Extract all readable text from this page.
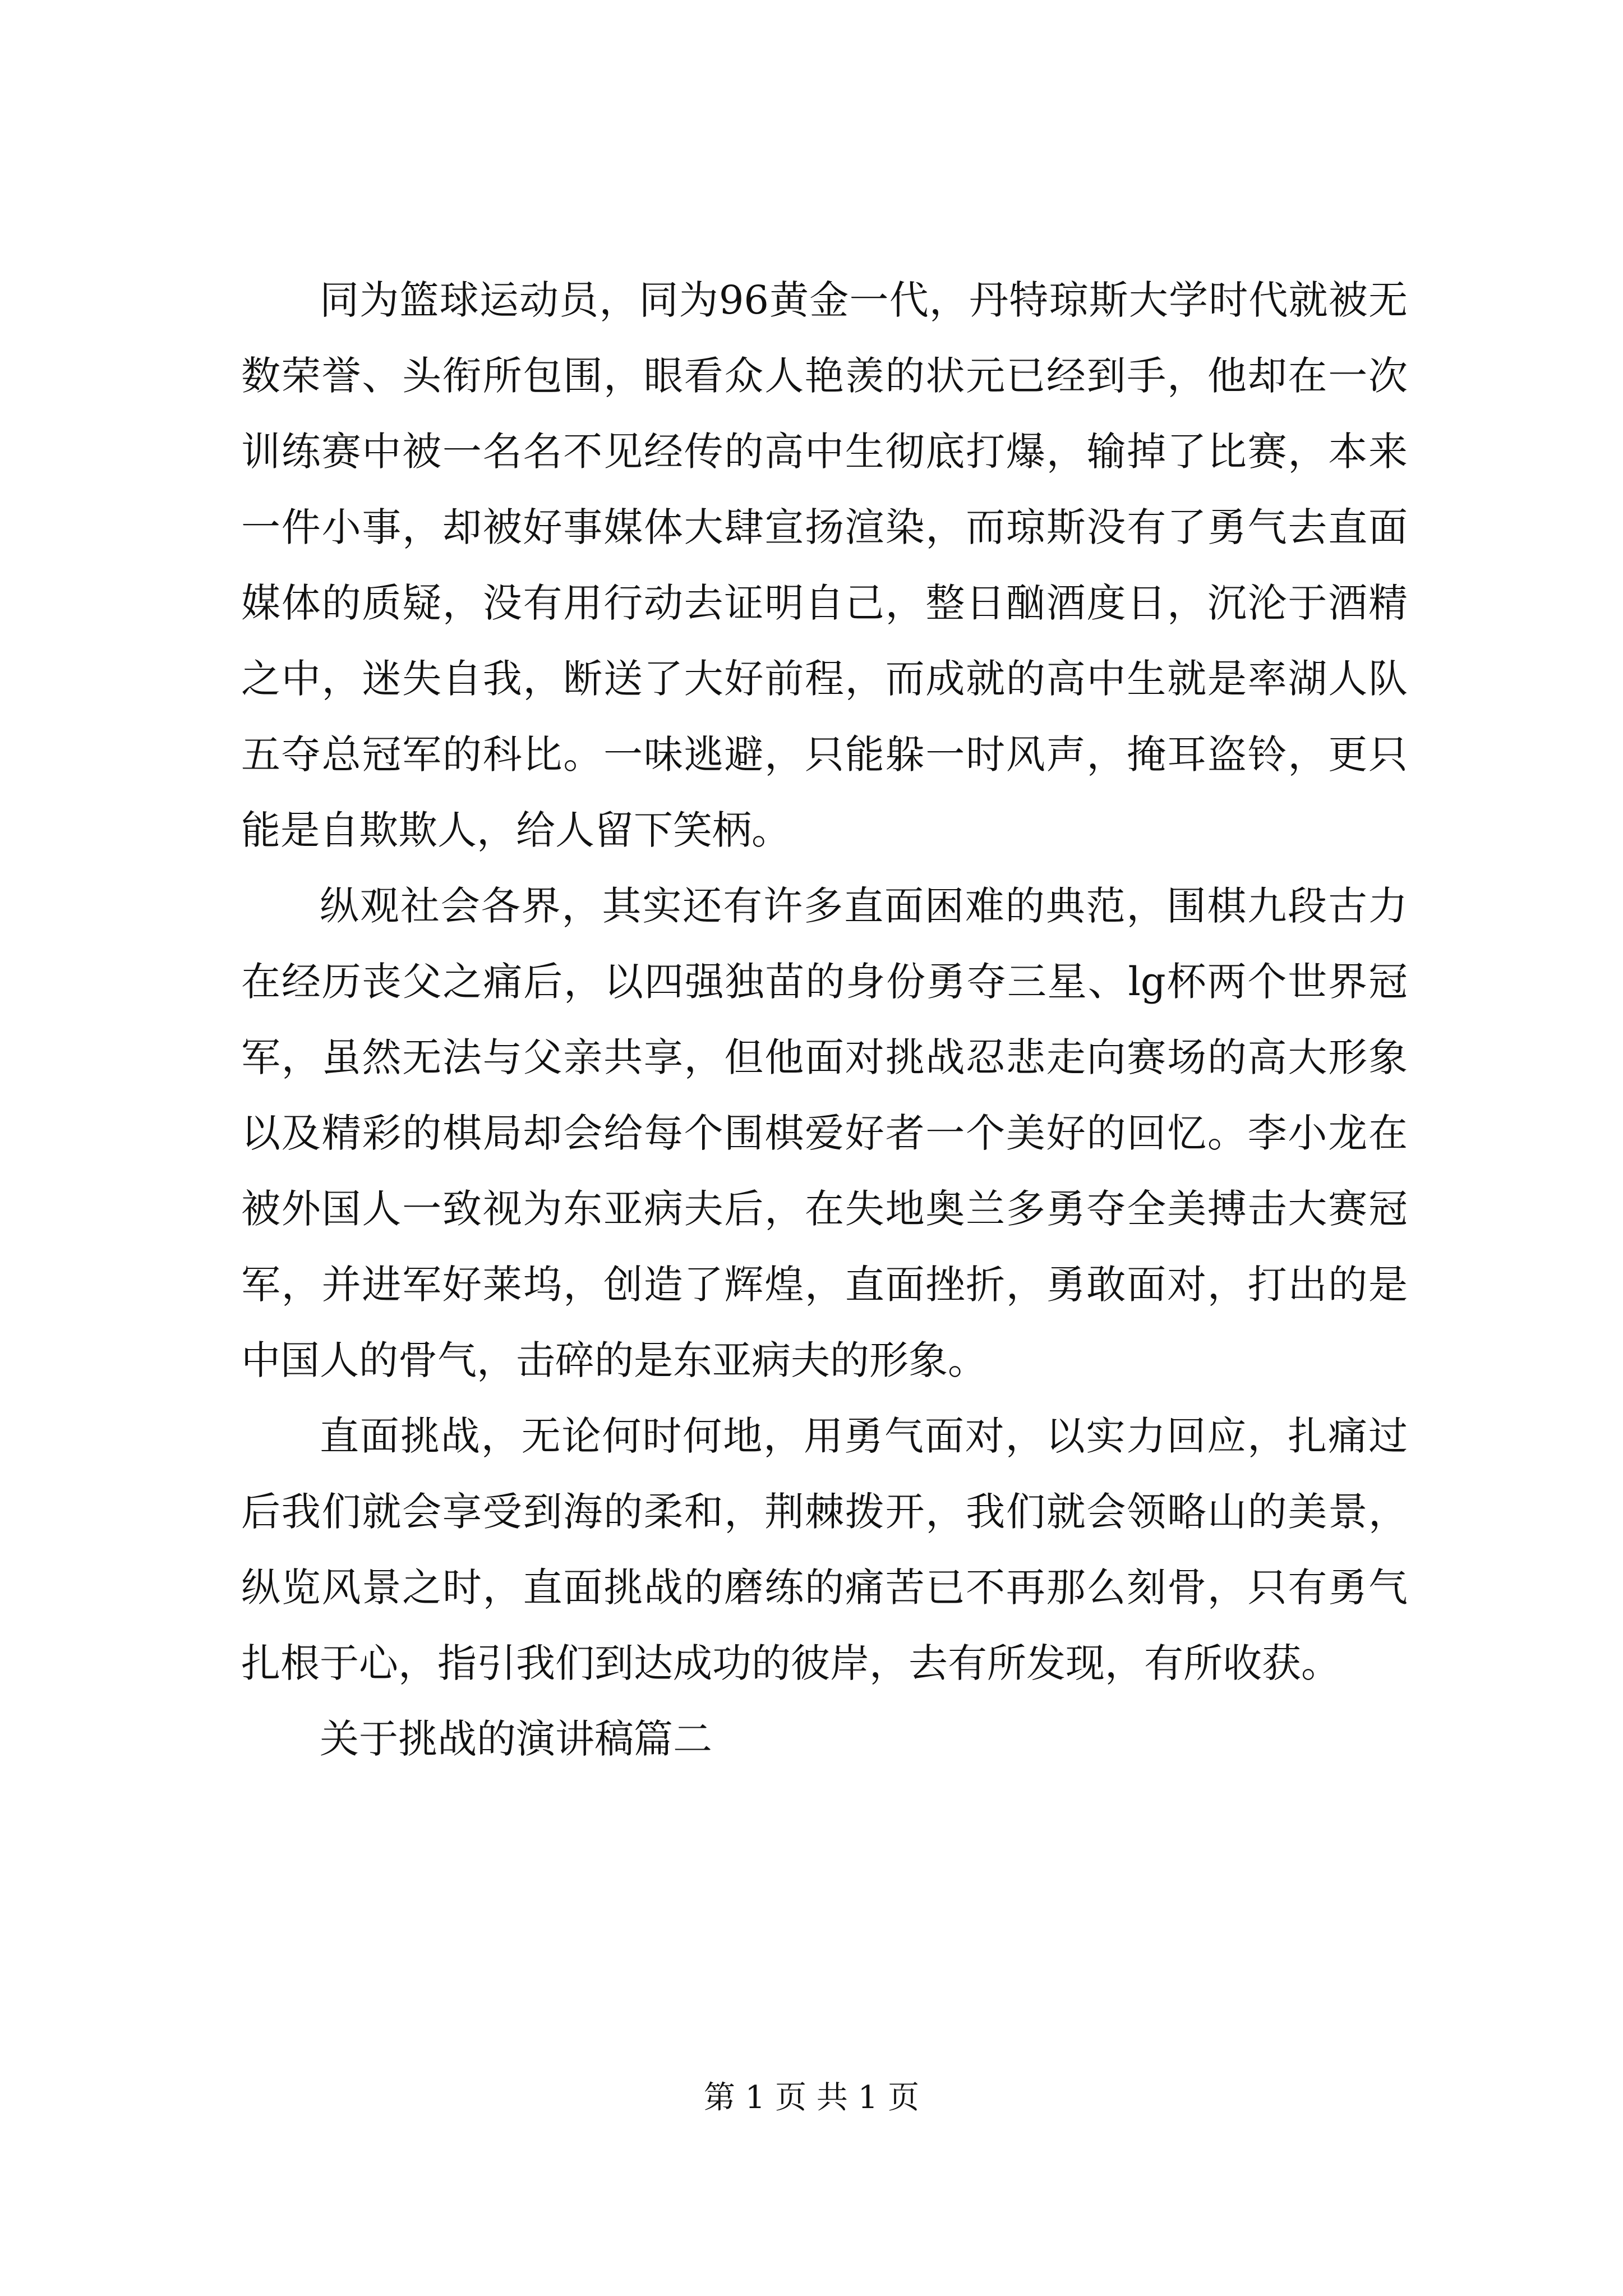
同为篮球运动员，同为96黄金一代，丹特琼斯大学时代就被无数荣誉、头衔所包围，眼看众人艳羡的状元已经到手，他却在一次训练赛中被一名名不见经传的高中生彻底打爆，输掉了比赛，本来一件小事，却被好事媒体大肆宣扬渲染，而琼斯没有了勇气去直面媒体的质疑，没有用行动去证明自己，整日酗酒度日，沉沦于酒精之中，迷失自我，断送了大好前程，而成就的高中生就是率湖人队五夺总冠军的科比。一味逃避，只能躲一时风声，掩耳盗铃，更只能是自欺欺人，给人留下笑柄。

纵观社会各界，其实还有许多直面困难的典范，围棋九段古力在经历丧父之痛后，以四强独苗的身份勇夺三星、lg杯两个世界冠军，虽然无法与父亲共享，但他面对挑战忍悲走向赛场的高大形象以及精彩的棋局却会给每个围棋爱好者一个美好的回忆。李小龙在被外国人一致视为东亚病夫后，在失地奥兰多勇夺全美搏击大赛冠军，并进军好莱坞，创造了辉煌，直面挫折，勇敢面对，打出的是中国人的骨气，击碎的是东亚病夫的形象。

直面挑战，无论何时何地，用勇气面对，以实力回应，扎痛过后我们就会享受到海的柔和，荆棘拨开，我们就会领略山的美景，纵览风景之时，直面挑战的磨练的痛苦已不再那么刻骨，只有勇气扎根于心，指引我们到达成功的彼岸，去有所发现，有所收获。

关于挑战的演讲稿篇二

第 1 页 共 1 页
